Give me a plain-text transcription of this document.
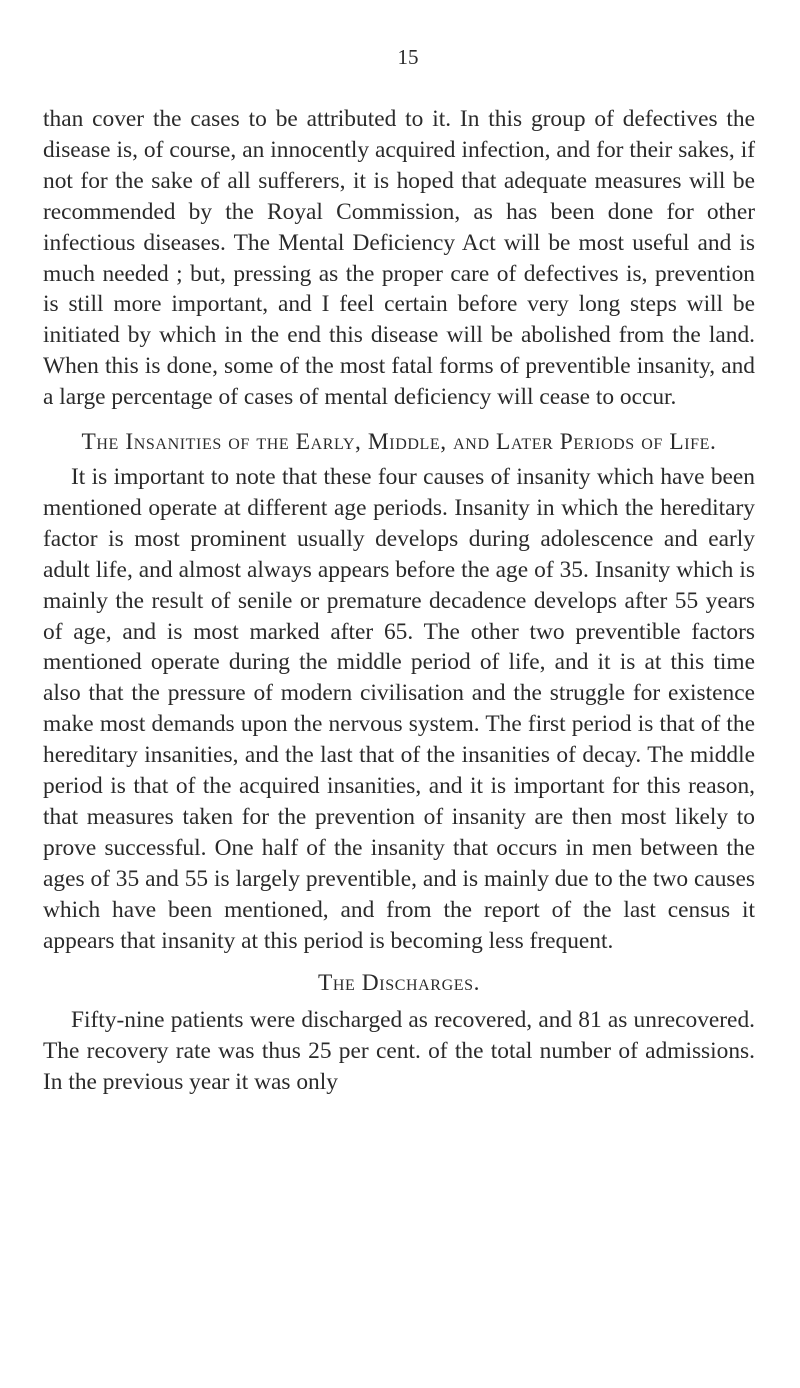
15

than cover the cases to be attributed to it. In this group of defectives the disease is, of course, an innocently acquired infection, and for their sakes, if not for the sake of all sufferers, it is hoped that adequate measures will be recommended by the Royal Commission, as has been done for other infectious diseases. The Mental Deficiency Act will be most useful and is much needed ; but, pressing as the proper care of defectives is, prevention is still more important, and I feel certain before very long steps will be initiated by which in the end this disease will be abolished from the land. When this is done, some of the most fatal forms of preventible insanity, and a large percentage of cases of mental deficiency will cease to occur.

The Insanities of the Early, Middle, and Later Periods of Life.

It is important to note that these four causes of insanity which have been mentioned operate at different age periods. Insanity in which the hereditary factor is most prominent usually develops during adolescence and early adult life, and almost always appears before the age of 35. Insanity which is mainly the result of senile or premature decadence develops after 55 years of age, and is most marked after 65. The other two preventible factors mentioned operate during the middle period of life, and it is at this time also that the pressure of modern civilisation and the struggle for existence make most demands upon the nervous system. The first period is that of the hereditary insanities, and the last that of the insanities of decay. The middle period is that of the acquired insanities, and it is important for this reason, that measures taken for the prevention of insanity are then most likely to prove successful. One half of the insanity that occurs in men between the ages of 35 and 55 is largely preventible, and is mainly due to the two causes which have been mentioned, and from the report of the last census it appears that insanity at this period is becoming less frequent.

The Discharges.

Fifty-nine patients were discharged as recovered, and 81 as unrecovered. The recovery rate was thus 25 per cent. of the total number of admissions. In the previous year it was only
